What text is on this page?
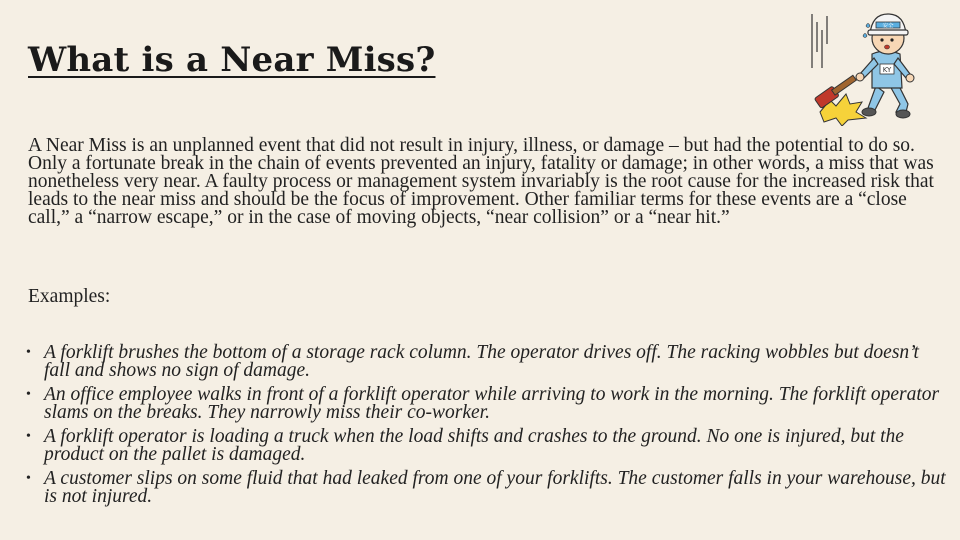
What is a Near Miss?	KY
安全

A Near Miss is an unplanned event that did not result in injury, illness, or damage – but had the potential to do so. Only a fortunate break in the chain of events prevented an injury, fatality or damage; in other words, a miss that was nonetheless very near. A faulty process or management system invariably is the root cause for the increased risk that leads to the near miss and should be the focus of improvement. Other familiar terms for these events are a “close call,” a “narrow escape,” or in the case of moving objects, “near collision” or a “near hit.”

Examples:

• A forklift brushes the bottom of a storage rack column. The operator drives off. The racking wobbles but doesn’t fall and shows no sign of damage.
• An office employee walks in front of a forklift operator while arriving to work in the morning. The forklift operator slams on the breaks. They narrowly miss their co-worker.
• A forklift operator is loading a truck when the load shifts and crashes to the ground. No one is injured, but the product on the pallet is damaged.
• A customer slips on some fluid that had leaked from one of your forklifts. The customer falls in your warehouse, but is not injured.
